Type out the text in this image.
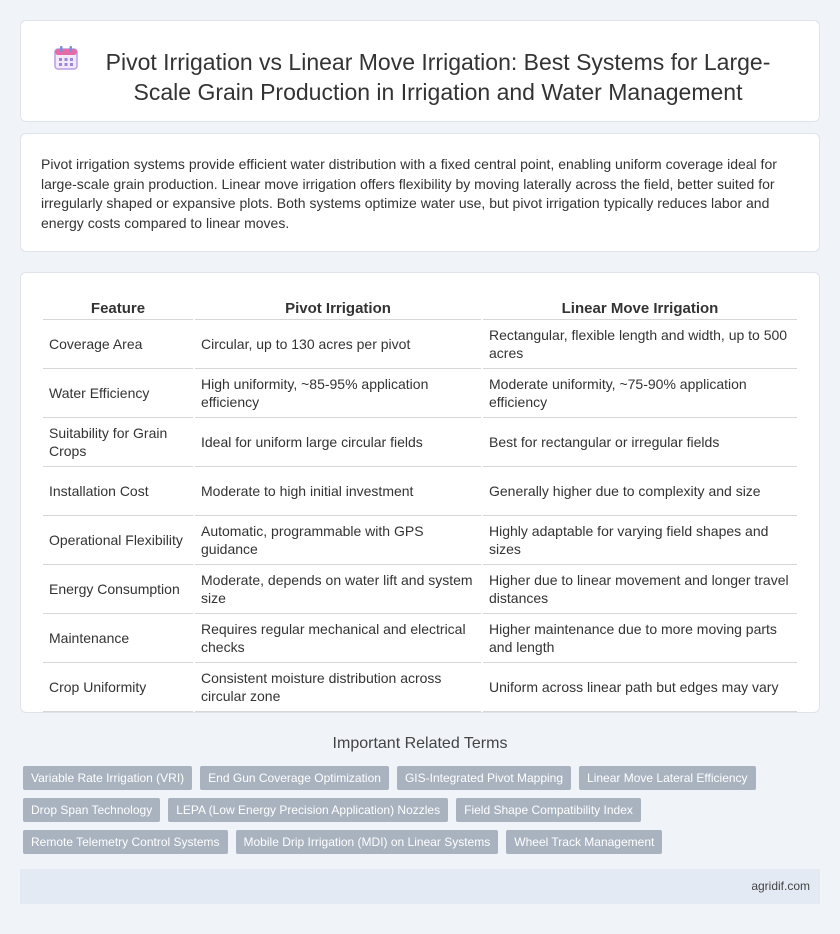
Pivot Irrigation vs Linear Move Irrigation: Best Systems for Large-Scale Grain Production in Irrigation and Water Management

Pivot irrigation systems provide efficient water distribution with a fixed central point, enabling uniform coverage ideal for large-scale grain production. Linear move irrigation offers flexibility by moving laterally across the field, better suited for irregularly shaped or expansive plots. Both systems optimize water use, but pivot irrigation typically reduces labor and energy costs compared to linear moves.

Feature	Pivot Irrigation	Linear Move Irrigation
Coverage Area	Circular, up to 130 acres per pivot	Rectangular, flexible length and width, up to 500 acres
Water Efficiency	High uniformity, ~85-95% application efficiency	Moderate uniformity, ~75-90% application efficiency
Suitability for Grain Crops	Ideal for uniform large circular fields	Best for rectangular or irregular fields
Installation Cost	Moderate to high initial investment	Generally higher due to complexity and size
Operational Flexibility	Automatic, programmable with GPS guidance	Highly adaptable for varying field shapes and sizes
Energy Consumption	Moderate, depends on water lift and system size	Higher due to linear movement and longer travel distances
Maintenance	Requires regular mechanical and electrical checks	Higher maintenance due to more moving parts and length
Crop Uniformity	Consistent moisture distribution across circular zone	Uniform across linear path but edges may vary
Important Related Terms
Variable Rate Irrigation (VRI)	End Gun Coverage Optimization	GIS-Integrated Pivot Mapping	Linear Move Lateral Efficiency
Drop Span Technology	LEPA (Low Energy Precision Application) Nozzles	Field Shape Compatibility Index
Remote Telemetry Control Systems	Mobile Drip Irrigation (MDI) on Linear Systems	Wheel Track Management
agridif.com
